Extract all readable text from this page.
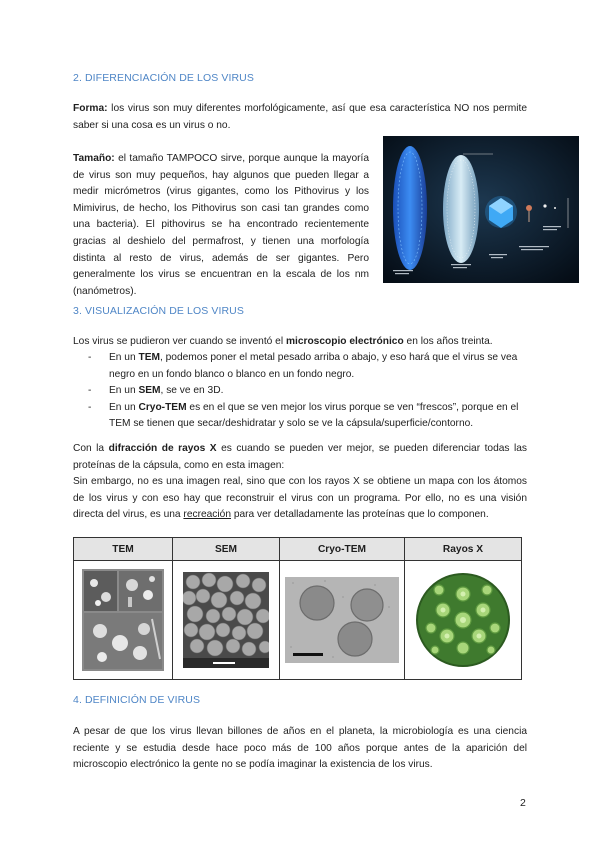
2. DIFERENCIACIÓN DE LOS VIRUS

Forma: los virus son muy diferentes morfológicamente, así que esa característica NO nos permite saber si una cosa es un virus o no.

Tamaño: el tamaño TAMPOCO sirve, porque aunque la mayoría de virus son muy pequeños, hay algunos que pueden llegar a medir micrómetros (virus gigantes, como los Pithovirus y los Mimivirus, de hecho, los Pithovirus son casi tan grandes como una bacteria). El pithovirus se ha encontrado recientemente gracias al deshielo del permafrost, y tienen una morfología distinta al resto de virus, además de ser gigantes. Pero generalmente los virus se encuentran en la escala de los nm (nanómetros).

3. VISUALIZACIÓN DE LOS VIRUS

Los virus se pudieron ver cuando se inventó el microscopio electrónico en los años treinta.

- En un TEM, podemos poner el metal pesado arriba o abajo, y eso hará que el virus se vea negro en un fondo blanco o blanco en un fondo negro.
- En un SEM, se ve en 3D.
- En un Cryo-TEM es en el que se ven mejor los virus porque se ven “frescos”, porque en el TEM se tienen que secar/deshidratar y solo se ve la cápsula/superficie/contorno.

Con la difracción de rayos X es cuando se pueden ver mejor, se pueden diferenciar todas las proteínas de la cápsula, como en esta imagen:
Sin embargo, no es una imagen real, sino que con los rayos X se obtiene un mapa con los átomos de los virus y con eso hay que reconstruir el virus con un programa. Por ello, no es una visión directa del virus, es una recreación para ver detalladamente las proteínas que lo componen.

TEM	SEM	Cryo-TEM	Rayos X

4. DEFINICIÓN DE VIRUS

A pesar de que los virus llevan billones de años en el planeta, la microbiología es una ciencia reciente y se estudia desde hace poco más de 100 años porque antes de la aparición del microscopio electrónico la gente no se podía imaginar la existencia de los virus.

2
